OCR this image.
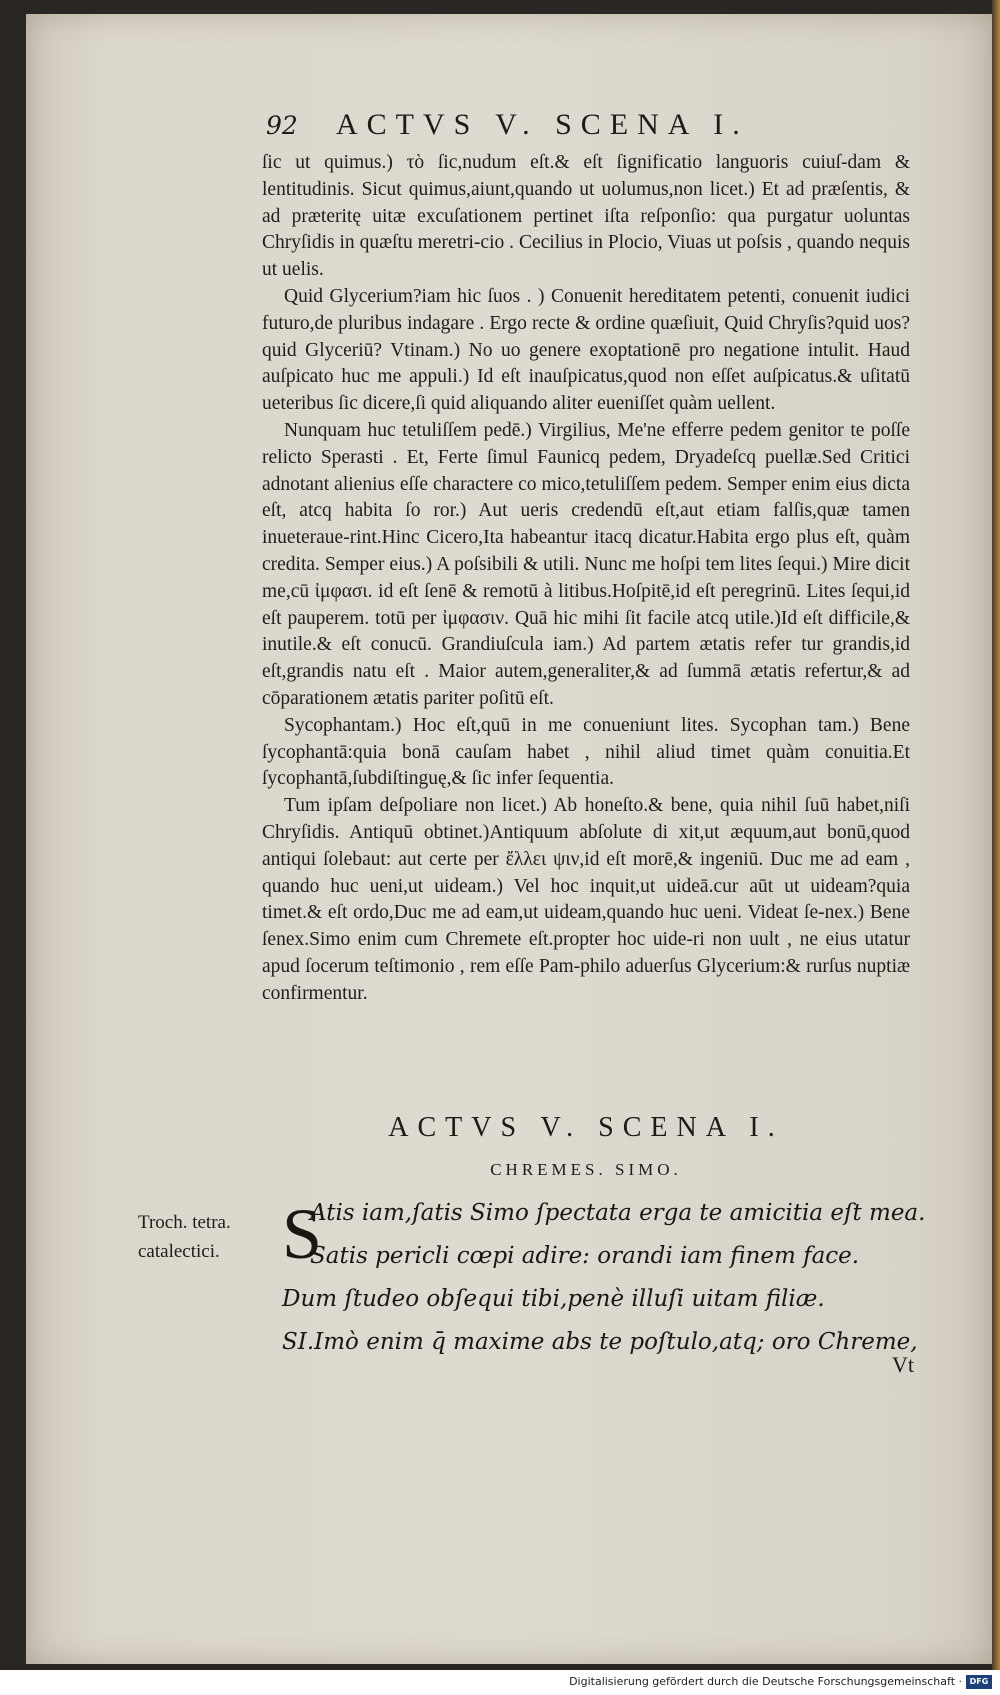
92	ACTVS V. SCENA I.

ſic ut quimus.) τὸ ſic,nudum eſt.& eſt ſignificatio languoris cuiuſ-dam & lentitudinis. Sicut quimus,aiunt,quando ut uolumus,non licet.) Et ad præſentis, & ad præteritę uitæ excuſationem pertinet iſta reſponſio: qua purgatur uoluntas Chryſidis in quæſtu meretri-cio . Cecilius in Plocio, Viuas ut poſsis , quando nequis ut uelis.

Quid Glycerium?iam hic ſuos . ) Conuenit hereditatem petenti, conuenit iudici futuro,de pluribus indagare . Ergo recte & ordine quæſiuit, Quid Chryſis?quid uos?quid Glyceriū? Vtinam.) No uo genere exoptationē pro negatione intulit. Haud auſpicato huc me appuli.) Id eſt inauſpicatus,quod non eſſet auſpicatus.& uſitatū ueteribus ſic dicere,ſi quid aliquando aliter eueniſſet quàm uellent.

Nunquam huc tetuliſſem pedē.) Virgilius, Me'ne efferre pedem genitor te poſſe relicto Sperasti . Et, Ferte ſimul Faunicq pedem, Dryadeſcq puellæ.Sed Critici adnotant alienius eſſe charactere co mico,tetuliſſem pedem. Semper enim eius dicta eſt, atcq habita ſo ror.) Aut ueris credendū eſt,aut etiam falſis,quæ tamen inueteraue-rint.Hinc Cicero,Ita habeantur itacq dicatur.Habita ergo plus eſt, quàm credita. Semper eius.) A poſsibili & utili. Nunc me hoſpi tem lites ſequi.) Mire dicit me,cū ἰμφασι. id eſt ſenē & remotū à litibus.Hoſpitē,id eſt peregrinū. Lites ſequi,id eſt pauperem. totū per ἰμφασιν. Quā hic mihi ſit facile atcq utile.)Id eſt difficile,& inutile.& eſt conucū. Grandiuſcula iam.) Ad partem ætatis refer tur grandis,id eſt,grandis natu eſt . Maior autem,generaliter,& ad ſummā ætatis refertur,& ad cōparationem ætatis pariter poſitū eſt.

Sycophantam.) Hoc eſt,quū in me conueniunt lites. Sycophan tam.) Bene ſycophantā:quia bonā cauſam habet , nihil aliud timet quàm conuitia.Et ſycophantā,ſubdiſtinguę,& ſic infer ſequentia.

Tum ipſam deſpoliare non licet.) Ab honeſto.& bene, quia nihil ſuū habet,niſi Chryſidis. Antiquū obtinet.)Antiquum abſolute di xit,ut æquum,aut bonū,quod antiqui ſolebaut: aut certe per ἔλλει ψιν,id eſt morē,& ingeniū. Duc me ad eam , quando huc ueni,ut uideam.) Vel hoc inquit,ut uideā.cur aūt ut uideam?quia timet.& eſt ordo,Duc me ad eam,ut uideam,quando huc ueni. Videat ſe-nex.) Bene ſenex.Simo enim cum Chremete eſt.propter hoc uide-ri non uult , ne eius utatur apud ſocerum teſtimonio , rem eſſe Pam-philo aduerſus Glycerium:& rurſus nuptiæ confirmentur.

ACTVS V. SCENA I.
CHREMES. SIMO.
Troch. tetra.
catalectici. S
Atis iam,ſatis Simo ſpectata erga te amicitia eſt mea.
Satis pericli cœpi adire: orandi iam finem face.
Dum ſtudeo obſequi tibi,penè illuſi uitam filiæ.
SI.Imò enim q̄ maxime abs te poſtulo,atq; oro Chreme,
Vt
Digitalisierung gefördert durch die Deutsche Forschungsgemeinschaft · DFG
